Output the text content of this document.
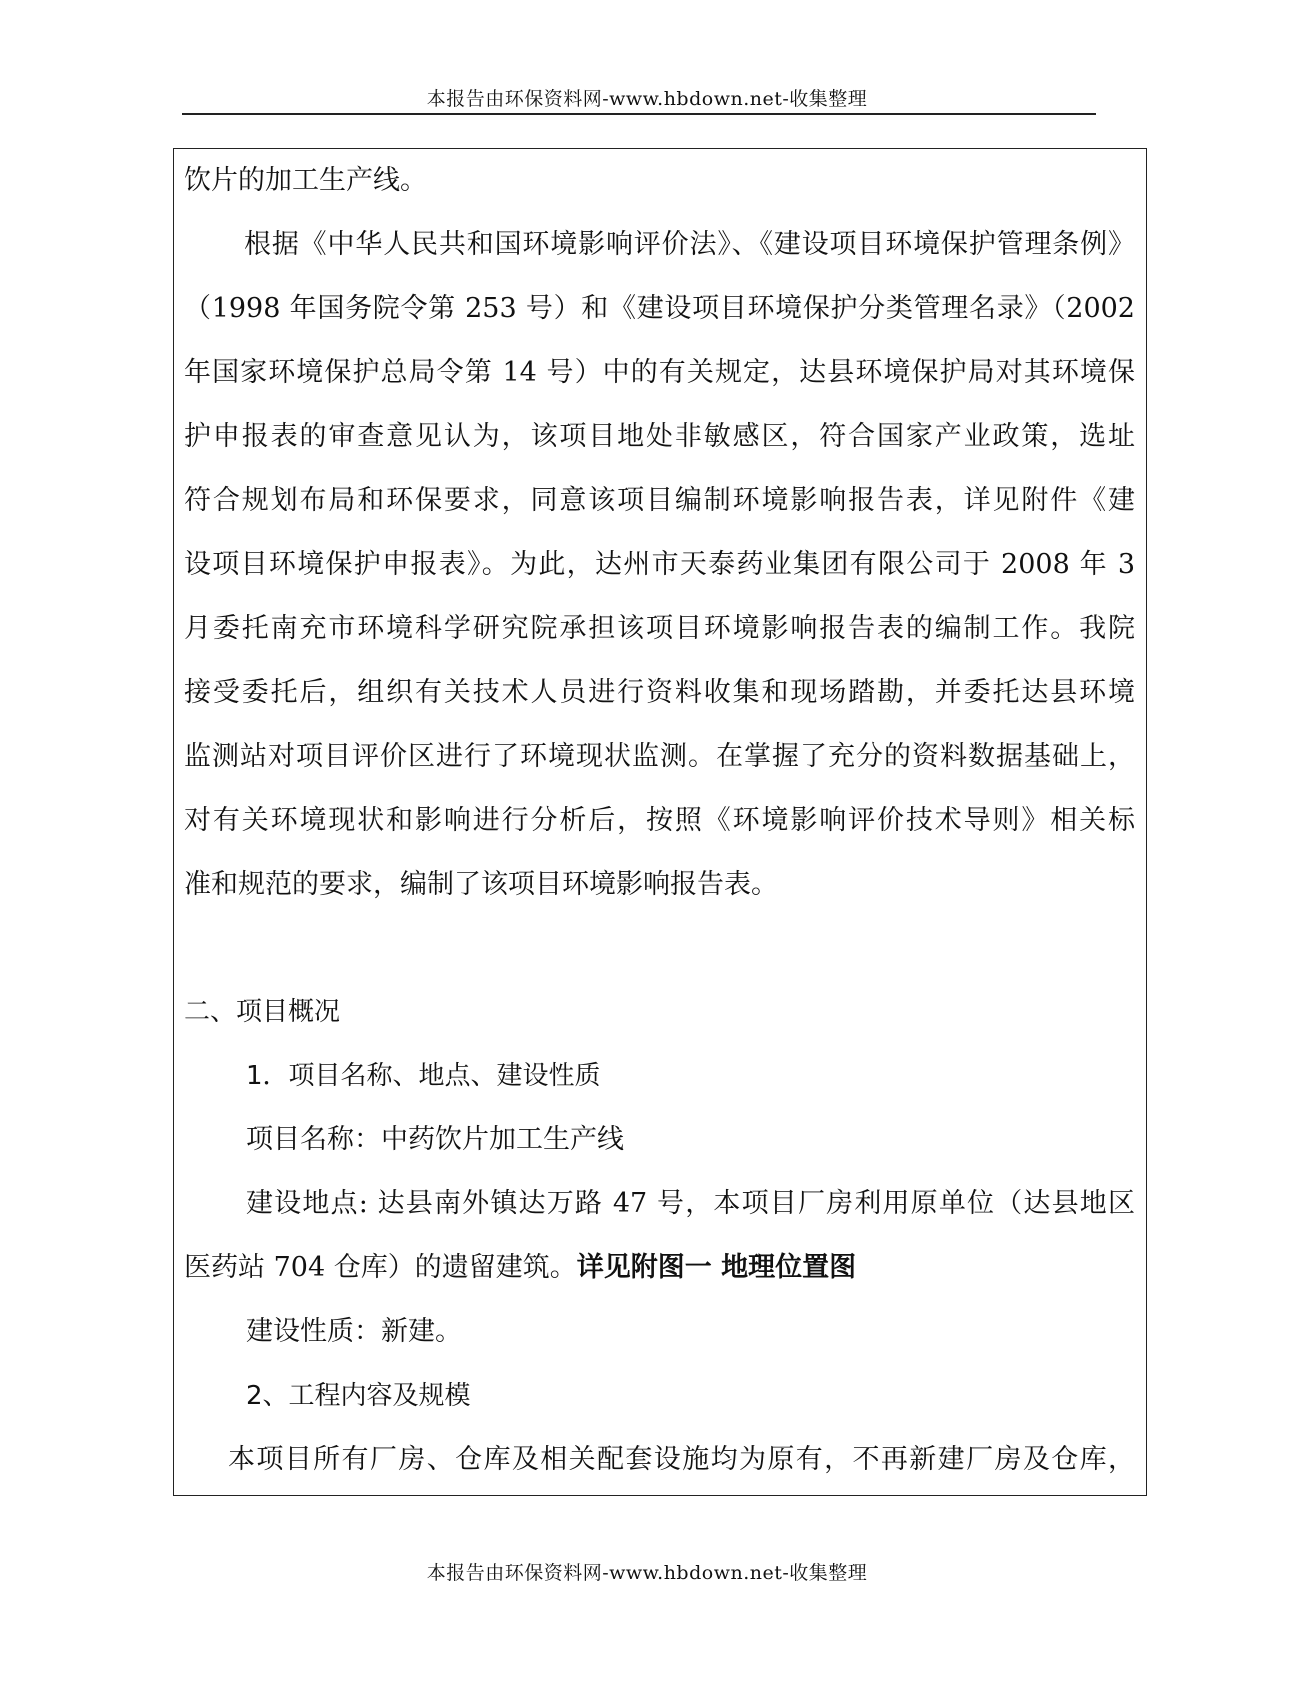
本报告由环保资料网-www.hbdown.net-收集整理
饮片的加工生产线。
根据《中华人民共和国环境影响评价法》、《建设项目环境保护管理条例》
（1998 年国务院令第 253 号）和《建设项目环境保护分类管理名录》（2002
年国家环境保护总局令第 14 号）中的有关规定，达县环境保护局对其环境保
护申报表的审查意见认为，该项目地处非敏感区，符合国家产业政策，选址
符合规划布局和环保要求，同意该项目编制环境影响报告表，详见附件《建
设项目环境保护申报表》。为此，达州市天泰药业集团有限公司于 2008 年 3
月委托南充市环境科学研究院承担该项目环境影响报告表的编制工作。我院
接受委托后，组织有关技术人员进行资料收集和现场踏勘，并委托达县环境
监测站对项目评价区进行了环境现状监测。在掌握了充分的资料数据基础上，
对有关环境现状和影响进行分析后，按照《环境影响评价技术导则》相关标
准和规范的要求，编制了该项目环境影响报告表。
二、项目概况
1．项目名称、地点、建设性质
项目名称：中药饮片加工生产线
建设地点: 达县南外镇达万路 47 号，本项目厂房利用原单位（达县地区
医药站 704 仓库）的遗留建筑。详见附图一 地理位置图
建设性质：新建。
2、工程内容及规模
本项目所有厂房、仓库及相关配套设施均为原有，不再新建厂房及仓库，
本报告由环保资料网-www.hbdown.net-收集整理
